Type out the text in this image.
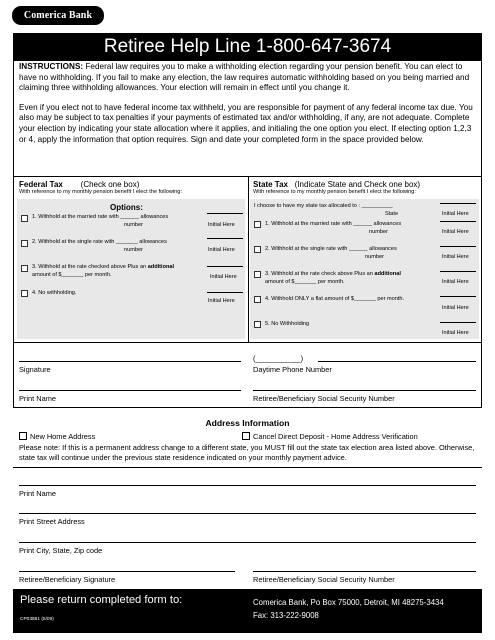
Comerica Bank
Retiree Help Line 1-800-647-3674

INSTRUCTIONS: Federal law requires you to make a withholding election regarding your pension benefit. You can elect to have no withholding. If you fail to make any election, the law requires automatic withholding based on you being married and claiming three withholding allowances. Your election will remain in effect until you change it.

Even if you elect not to have federal income tax withheld, you are responsible for payment of any federal income tax due. You also may be subject to tax penalties if your payments of estimated tax and/or withholding, if any, are not adequate. Complete your election by indicating your state allocation where it applies, and initialing the one option you elect. If electing option 1,2,3 or 4, apply the information that option requires. Sign and date your completed form in the space provided below.

Federal Tax (Check one box)
With reference to my monthly pension benefit I elect the following:
Options:
1. Withhold at the married rate with ______ allowances
number	Initial Here
2. Withhold at the single rate with _______ allowances
number	Initial Here
3. Withhold at the rate checked above Plus an additional
amount of $_______ per month.	Initial Here
4. No withholding.
Initial Here
State Tax (Indicate State and Check one box)
With reference to my monthly pension benefit I elect the following:
I choose to have my state tax allocated to : __________
State	Initial Here
1. Withhold at the married rate with ______ allowances
number	Initial Here
2. Withhold at the single rate with ______ allowances
number	Initial Here
3. Withhold at the rate check above Plus an additional
amount of $_______ per month.	Initial Here
4. Withhold ONLY a flat amount of $_______ per month.
Initial Here
5. No Withholding
Initial Here
Signature
(___________)
Daytime Phone Number
Print Name	Retiree/Beneficiary Social Security Number
Address Information
New Home Address	Cancel Direct Deposit - Home Address Verification
Please note: If this is a permanent address change to a different state, you MUST fill out the state tax election area listed above. Otherwise, state tax will continue under the previous state residence indicated on your monthly payment advice.
Print Name
Print Street Address
Print City, State, Zip code
Retiree/Beneficiary Signature	Retiree/Beneficiary Social Security Number
Please return completed form to:
CP03881 (5/09)
Comerica Bank, Po Box 75000, Detroit, MI 48275-3434
Fax: 313-222-9008
